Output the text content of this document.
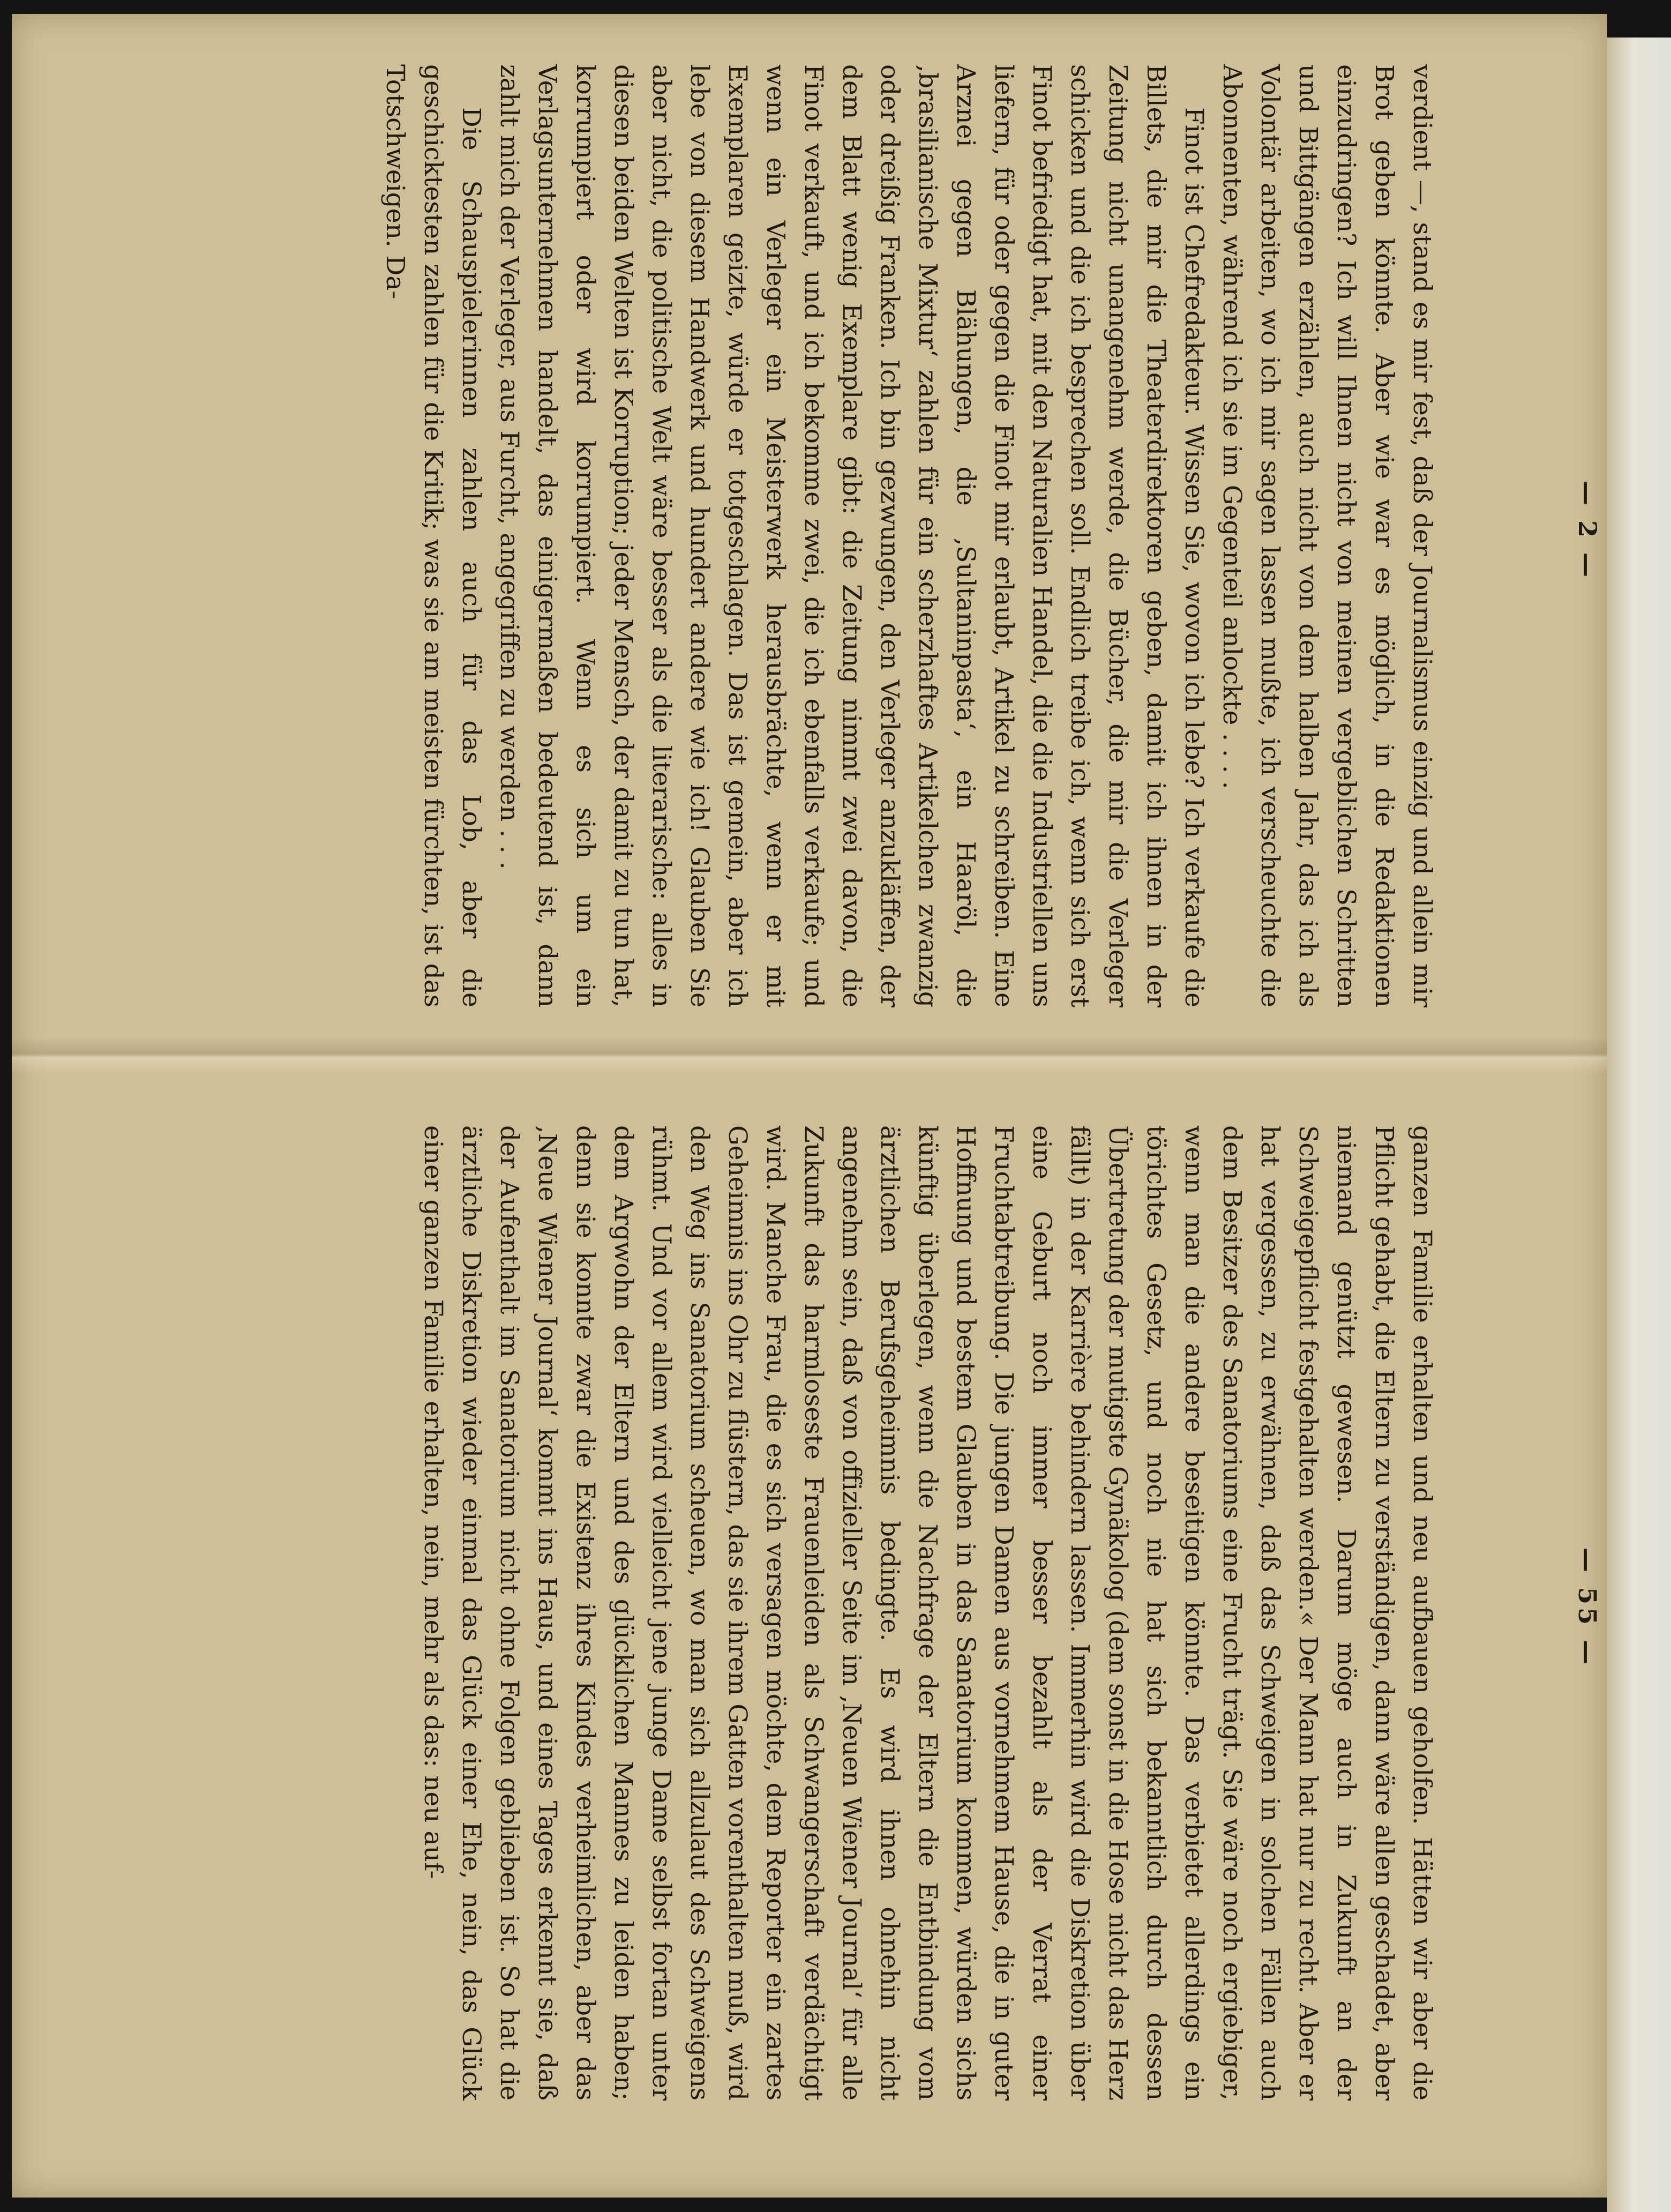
— 2 —

verdient —, stand es mir fest, daß der Journalismus einzig und allein mir Brot geben könnte. Aber wie war es möglich, in die Redaktionen einzudringen? Ich will Ihnen nicht von meinen vergeblichen Schritten und Bittgängen erzählen, auch nicht von dem halben Jahr, das ich als Volontär arbeiten, wo ich mir sagen lassen mußte, ich verscheuchte die Abonnenten, während ich sie im Gegenteil anlockte . . . .

Finot ist Chefredakteur. Wissen Sie, wovon ich lebe? Ich verkaufe die Billets, die mir die Theaterdirektoren geben, damit ich ihnen in der Zeitung nicht unangenehm werde, die Bücher, die mir die Verleger schicken und die ich besprechen soll. Endlich treibe ich, wenn sich erst Finot befriedigt hat, mit den Naturalien Handel, die die Industriellen uns liefern, für oder gegen die Finot mir erlaubt, Artikel zu schreiben. Eine Arznei gegen Blähungen, die ‚Sultaninpasta‘, ein Haaröl, die ‚brasilianische Mixtur‘ zahlen für ein scherzhaftes Artikelchen zwanzig oder dreißig Franken. Ich bin gezwungen, den Verleger anzukläffen, der dem Blatt wenig Exemplare gibt: die Zeitung nimmt zwei davon, die Finot verkauft, und ich bekomme zwei, die ich ebenfalls verkaufe; und wenn ein Verleger ein Meisterwerk herausbrächte, wenn er mit Exemplaren geizte, würde er totgeschlagen. Das ist gemein, aber ich lebe von diesem Handwerk und hundert andere wie ich! Glauben Sie aber nicht, die politische Welt wäre besser als die literarische: alles in diesen beiden Welten ist Korruption; jeder Mensch, der damit zu tun hat, korrumpiert oder wird korrumpiert. Wenn es sich um ein Verlagsunternehmen handelt, das einigermaßen bedeutend ist, dann zahlt mich der Verleger, aus Furcht, angegriffen zu werden . . .

Die Schauspielerinnen zahlen auch für das Lob, aber die geschicktesten zahlen für die Kritik; was sie am meisten fürchten, ist das Totschweigen. Da-

— 55 —

ganzen Familie erhalten und neu aufbauen geholfen. Hätten wir aber die Pflicht gehabt, die Eltern zu verständigen, dann wäre allen geschadet, aber niemand genützt gewesen. Darum möge auch in Zukunft an der Schweigepflicht festgehalten werden.« Der Mann hat nur zu recht. Aber er hat vergessen, zu erwähnen, daß das Schweigen in solchen Fällen auch dem Besitzer des Sanatoriums eine Frucht trägt. Sie wäre noch ergiebiger, wenn man die andere beseitigen könnte. Das verbietet allerdings ein törichtes Gesetz, und noch nie hat sich bekanntlich durch dessen Übertretung der mutigste Gynäkolog (dem sonst in die Hose nicht das Herz fällt) in der Karrière behindern lassen. Immerhin wird die Diskretion über eine Geburt noch immer besser bezahlt als der Verrat einer Fruchtabtreibung. Die jungen Damen aus vornehmem Hause, die in guter Hoffnung und bestem Glauben in das Sanatorium kommen, würden sichs künftig überlegen, wenn die Nachfrage der Eltern die Entbindung vom ärztlichen Berufsgeheimnis bedingte. Es wird ihnen ohnehin nicht angenehm sein, daß von offizieller Seite im ‚Neuen Wiener Journal‘ für alle Zukunft das harmloseste Frauenleiden als Schwangerschaft verdächtigt wird. Manche Frau, die es sich versagen möchte, dem Reporter ein zartes Geheimnis ins Ohr zu flüstern, das sie ihrem Gatten vorenthalten muß, wird den Weg ins Sanatorium scheuen, wo man sich allzulaut des Schweigens rühmt. Und vor allem wird vielleicht jene junge Dame selbst fortan unter dem Argwohn der Eltern und des glücklichen Mannes zu leiden haben; denn sie konnte zwar die Existenz ihres Kindes verheimlichen, aber das ‚Neue Wiener Journal‘ kommt ins Haus, und eines Tages erkennt sie, daß der Aufenthalt im Sanatorium nicht ohne Folgen geblieben ist. So hat die ärztliche Diskretion wieder einmal das Glück einer Ehe, nein, das Glück einer ganzen Familie erhalten, nein, mehr als das: neu auf-
